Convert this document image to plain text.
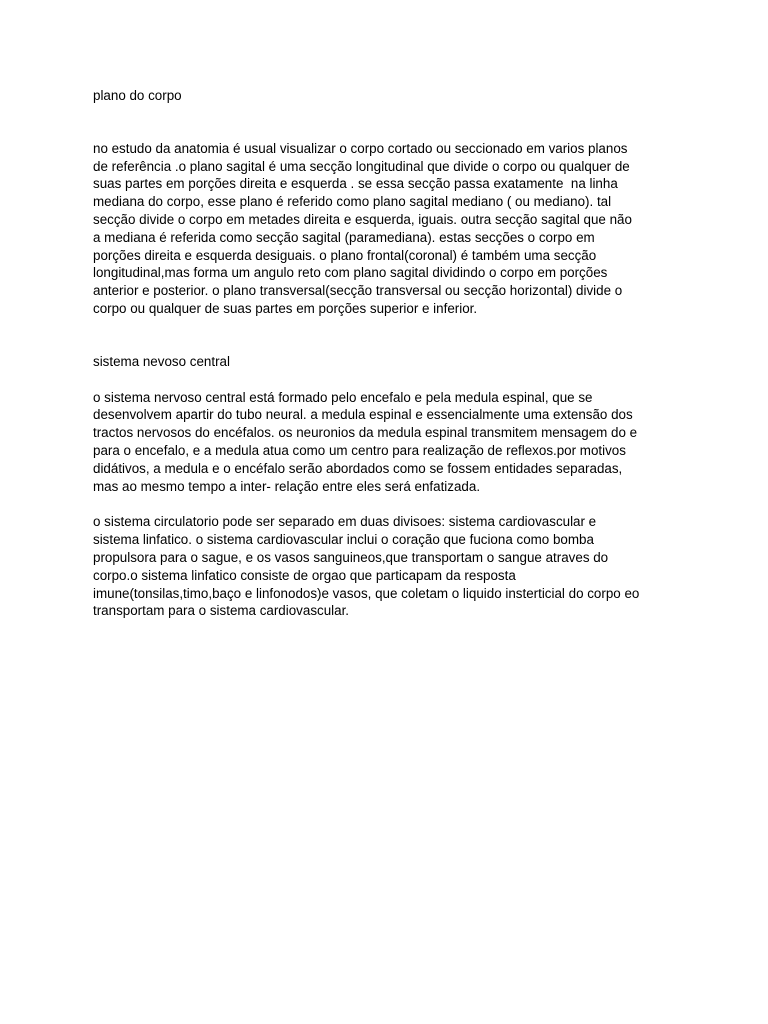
plano do corpo
no estudo da anatomia é usual visualizar o corpo cortado ou seccionado em varios planos
de referência .o plano sagital é uma secção longitudinal que divide o corpo ou qualquer de
suas partes em porções direita e esquerda . se essa secção passa exatamente  na linha
mediana do corpo, esse plano é referido como plano sagital mediano ( ou mediano). tal
secção divide o corpo em metades direita e esquerda, iguais. outra secção sagital que não
a mediana é referida como secção sagital (paramediana). estas secções o corpo em
porções direita e esquerda desiguais. o plano frontal(coronal) é também uma secção
longitudinal,mas forma um angulo reto com plano sagital dividindo o corpo em porções
anterior e posterior. o plano transversal(secção transversal ou secção horizontal) divide o
corpo ou qualquer de suas partes em porções superior e inferior.
sistema nevoso central
o sistema nervoso central está formado pelo encefalo e pela medula espinal, que se
desenvolvem apartir do tubo neural. a medula espinal e essencialmente uma extensão dos
tractos nervosos do encéfalos. os neuronios da medula espinal transmitem mensagem do e
para o encefalo, e a medula atua como um centro para realização de reflexos.por motivos
didátivos, a medula e o encéfalo serão abordados como se fossem entidades separadas,
mas ao mesmo tempo a inter- relação entre eles será enfatizada.
o sistema circulatorio pode ser separado em duas divisoes: sistema cardiovascular e
sistema linfatico. o sistema cardiovascular inclui o coração que fuciona como bomba
propulsora para o sague, e os vasos sanguineos,que transportam o sangue atraves do
corpo.o sistema linfatico consiste de orgao que particapam da resposta
imune(tonsilas,timo,baço e linfonodos)e vasos, que coletam o liquido insterticial do corpo eo
transportam para o sistema cardiovascular.
